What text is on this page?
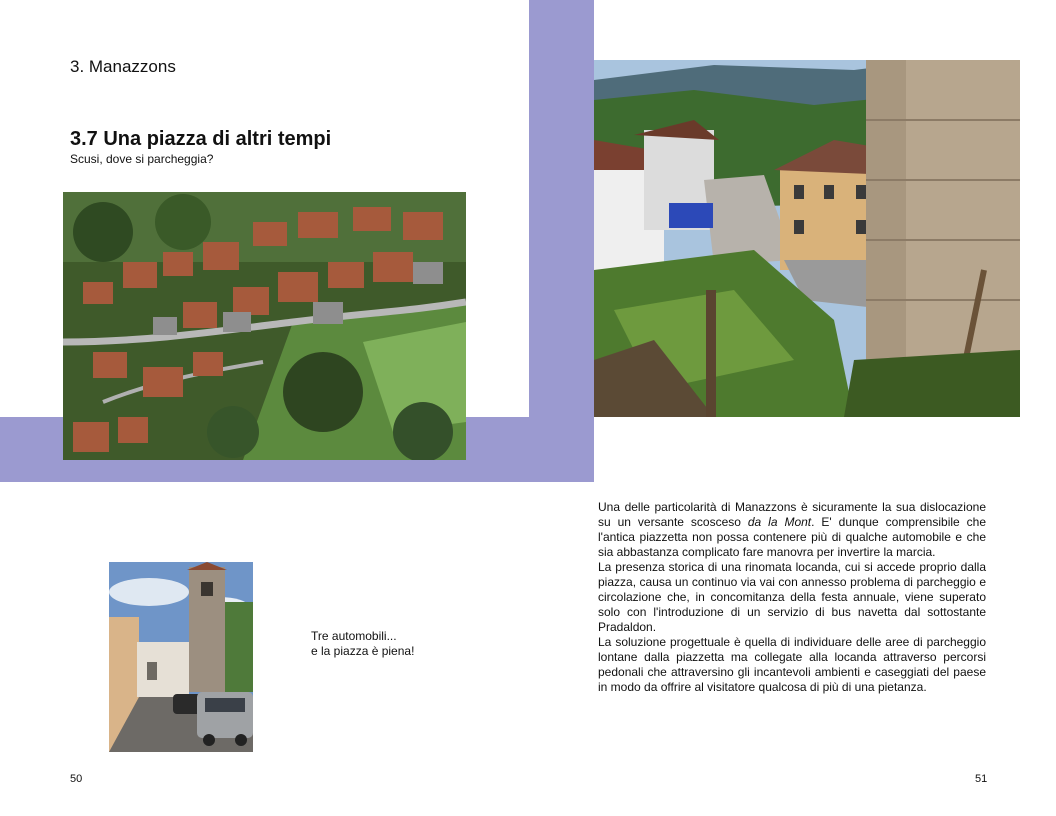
3. Manazzons
3.7 Una piazza di altri tempi
Scusi, dove si parcheggia?
Tre automobili...
e la piazza è piena!
50

Una delle particolarità di Manazzons è sicuramente la sua dislocazione su un versante scosceso da la Mont. E' dunque comprensibile che l'antica piazzetta non possa contenere più di qualche automobile e che sia abbastanza complicato fare manovra per invertire la marcia.

La presenza storica di una rinomata locanda, cui si accede proprio dalla piazza, causa un continuo via vai con annesso problema di parcheggio e circolazione che, in concomitanza della festa annuale, viene superato solo con l'introduzione di un servizio di bus navetta dal sottostante Pradaldon.

La soluzione progettuale è quella di individuare delle aree di parcheggio lontane dalla piazzetta ma collegate alla locanda attraverso percorsi pedonali che attraversino gli incantevoli ambienti e caseggiati del paese in modo da offrire al visitatore qualcosa di più di una pietanza.

51
